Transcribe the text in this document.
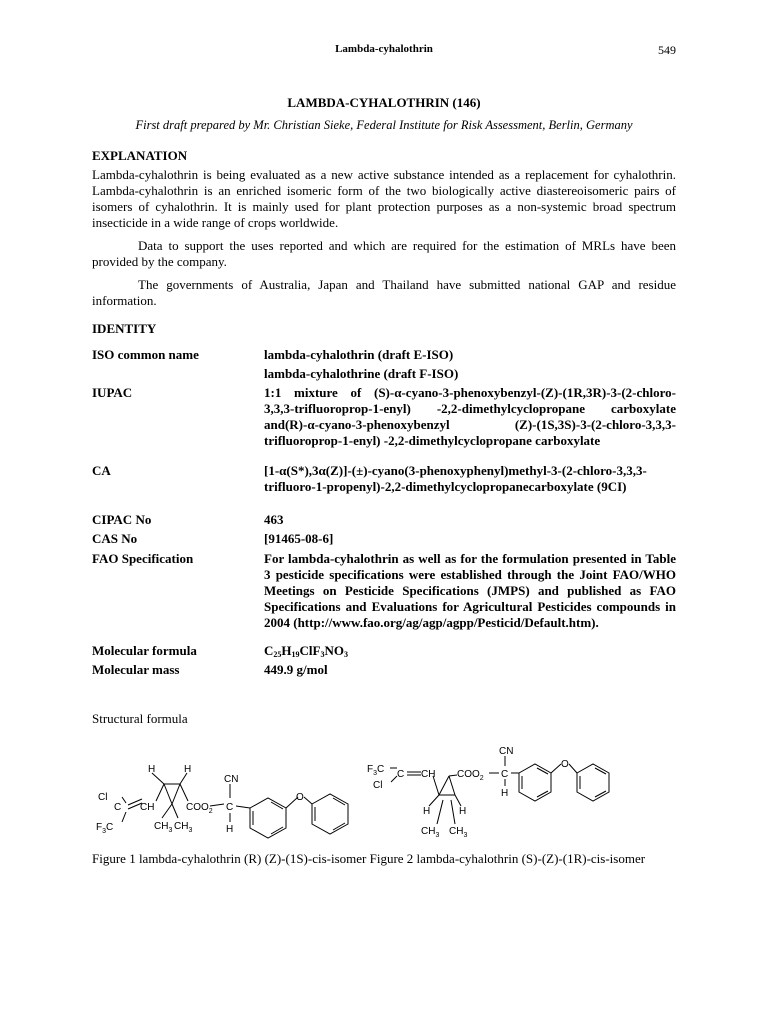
Lambda-cyhalothrin	549
LAMBDA-CYHALOTHRIN (146)
First draft prepared by Mr. Christian Sieke, Federal Institute for Risk Assessment, Berlin, Germany
EXPLANATION
Lambda-cyhalothrin is being evaluated as a new active substance intended as a replacement for cyhalothrin. Lambda-cyhalothrin is an enriched isomeric form of the two biologically active diastereoisomeric pairs of isomers of cyhalothrin. It is mainly used for plant protection purposes as a non-systemic broad spectrum insecticide in a wide range of crops worldwide.
Data to support the uses reported and which are required for the estimation of MRLs have been provided by the company.
The governments of Australia, Japan and Thailand have submitted national GAP and residue information.
IDENTITY
ISO common name	lambda-cyhalothrin (draft E-ISO)
lambda-cyhalothrine (draft F-ISO)
IUPAC	1:1 mixture of (S)-α-cyano-3-phenoxybenzyl-(Z)-(1R,3R)-3-(2-chloro-3,3,3-trifluoroprop-1-enyl) -2,2-dimethylcyclopropane carboxylate and(R)-α-cyano-3-phenoxybenzyl (Z)-(1S,3S)-3-(2-chloro-3,3,3-trifluoroprop-1-enyl) -2,2-dimethylcyclopropane carboxylate
CA	[1-α(S*),3α(Z)]-(±)-cyano(3-phenoxyphenyl)methyl-3-(2-chloro-3,3,3-trifluoro-1-propenyl)-2,2-dimethylcyclopropanecarboxylate (9CI)
CIPAC No	463
CAS No	[91465-08-6]
FAO Specification	For lambda-cyhalothrin as well as for the formulation presented in Table 3 pesticide specifications were established through the Joint FAO/WHO Meetings on Pesticide Specifications (JMPS) and published as FAO Specifications and Evaluations for Agricultural Pesticides compounds in 2004 (http://www.fao.org/ag/agp/agpp/Pesticid/Default.htm).
Molecular formula	$C_{25}H_{19}ClF_3NO_3$
Molecular mass	449.9 g/mol
Structural formula
Figure 1 lambda-cyhalothrin (R) (Z)-(1S)-cis-isomer Figure 2 lambda-cyhalothrin (S)-(Z)-(1R)-cis-isomer
H	H
Cl
C CH
$F_3C$	$CH_3$ $CH_3$
$COO_2$ C
CN
H
O
$F_3C$ C CH
Cl
$COO_2$ C
CN
H
H	H
$CH_3$ $CH_3$
O
